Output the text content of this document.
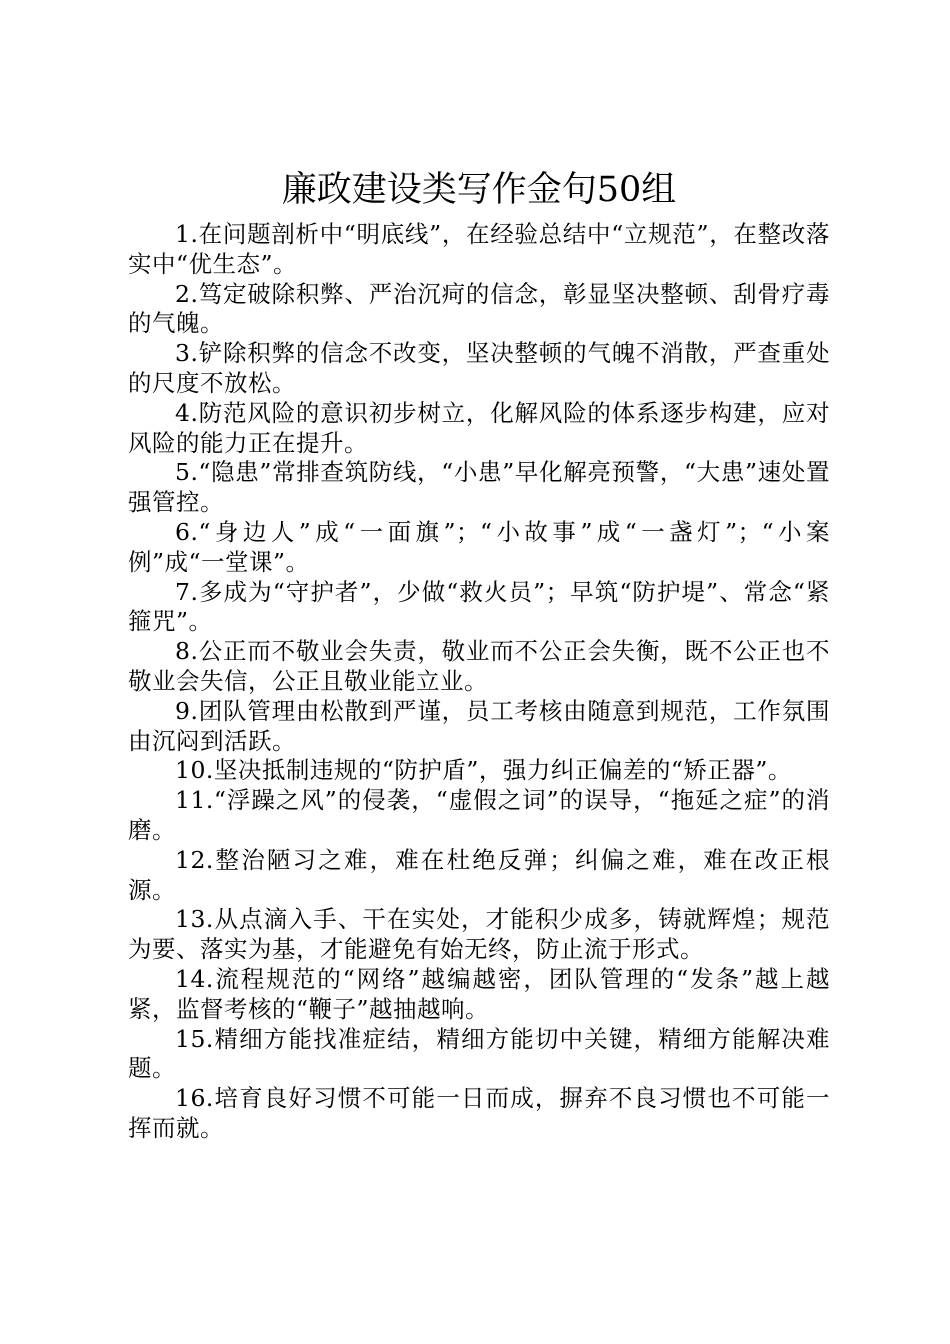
廉政建设类写作金句50组

1.在问题剖析中“明底线”，在经验总结中“立规范”，在整改落实中“优生态”。

2.笃定破除积弊、严治沉疴的信念，彰显坚决整顿、刮骨疗毒的气魄。

3.铲除积弊的信念不改变，坚决整顿的气魄不消散，严查重处的尺度不放松。

4.防范风险的意识初步树立，化解风险的体系逐步构建，应对风险的能力正在提升。

5.“隐患”常排查筑防线，“小患”早化解亮预警，“大患”速处置强管控。

6.“身边人”成“一面旗”；“小故事”成“一盏灯”；“小案例”成“一堂课”。

7.多成为“守护者”，少做“救火员”；早筑“防护堤”、常念“紧箍咒”。

8.公正而不敬业会失责，敬业而不公正会失衡，既不公正也不敬业会失信，公正且敬业能立业。

9.团队管理由松散到严谨，员工考核由随意到规范，工作氛围由沉闷到活跃。

10.坚决抵制违规的“防护盾”，强力纠正偏差的“矫正器”。

11.“浮躁之风”的侵袭，“虚假之词”的误导，“拖延之症”的消磨。

12.整治陋习之难，难在杜绝反弹；纠偏之难，难在改正根源。

13.从点滴入手、干在实处，才能积少成多，铸就辉煌；规范为要、落实为基，才能避免有始无终，防止流于形式。

14.流程规范的“网络”越编越密，团队管理的“发条”越上越紧，监督考核的“鞭子”越抽越响。

15.精细方能找准症结，精细方能切中关键，精细方能解决难题。

16.培育良好习惯不可能一日而成，摒弃不良习惯也不可能一挥而就。
